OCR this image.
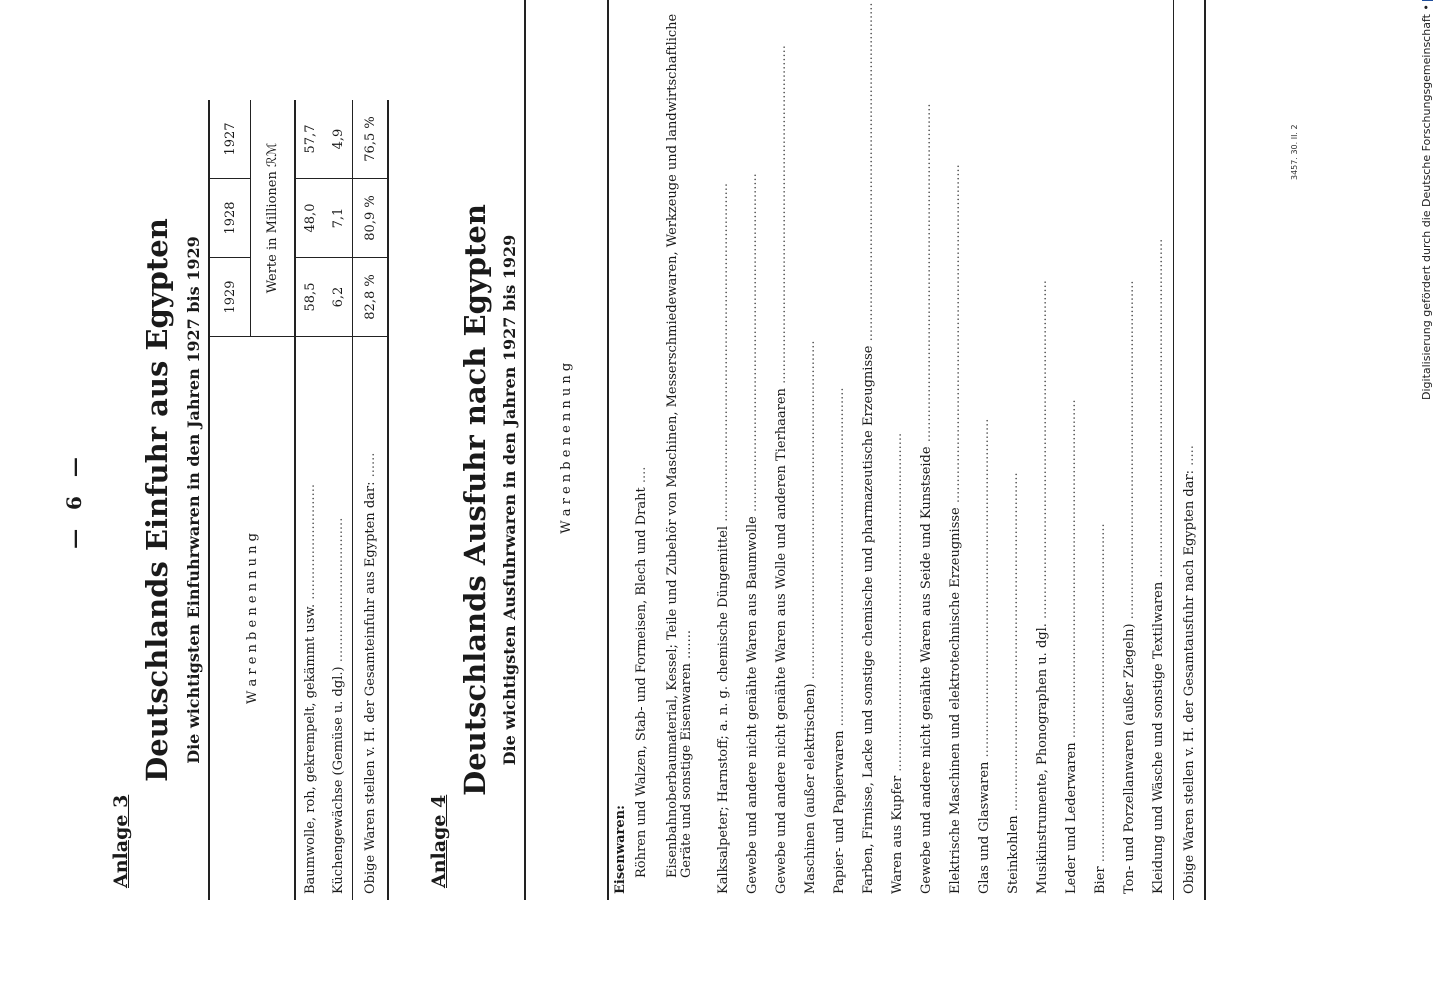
— 6 —
Anlage 3
Deutschlands Einfuhr aus Egypten Die wichtigsten Einfuhrwaren in den Jahren 1927 bis 1929	W a r e n b e n e n n u n g	1929	1928	1927
	Werte in Millionen ℛℳ		
Baumwolle, roh, gekrempelt, gekämmt usw. ............................	58,5	48,0	57,7
Küchengewächse (Gemüse u. dgl.) ...................................	6,2	7,1	4,9
Obige Waren stellen v. H. der Gesamteinfuhr aus Egypten dar: ......	82,8 %	80,9 %	76,5 %
Anlage 4
Deutschlands Ausfuhr nach Egypten Die wichtigsten Ausfuhrwaren in den Jahren 1927 bis 1929	W a r e n b e n e n n u n g			

Eisenwaren:			
Röhren und Walzen, Stab- und Formeisen, Blech und Draht ....			
Eisenbahnoberbaumaterial, Kessel; Teile und Zubehör von Maschinen, Messerschmiedewaren, Werkzeuge und landwirtschaftliche Geräte und sonstige Eisenwaren .......			
Kalksalpeter; Harnstoff; a. n. g. chemische Düngemittel ..................................................................................			
Gewebe und andere nicht genähte Waren aus Baumwolle ..................................................................................			
Gewebe und andere nicht genähte Waren aus Wolle und anderen Tierhaaren ..................................................................................			
Maschinen (außer elektrischen) ..................................................................................			
Papier- und Papierwaren ..................................................................................			
Farben, Firnisse, Lacke und sonstige chemische und pharmazeutische Erzeugnisse ..................................................................................			
Waren aus Kupfer ..................................................................................			
Gewebe und andere nicht genähte Waren aus Seide und Kunstseide ..................................................................................			
Elektrische Maschinen und elektrotechnische Erzeugnisse ..................................................................................			
Glas und Glaswaren ..................................................................................			
Steinkohlen ..................................................................................			
Musikinstrumente, Phonographen u. dgl. ..................................................................................			
Leder und Lederwaren ..................................................................................			
Bier ..................................................................................			
Ton- und Porzellanwaren (außer Ziegeln) ..................................................................................			
Kleidung und Wäsche und sonstige Textilwaren ..................................................................................			
Obige Waren stellen v. H. der Gesamtausfuhr nach Egypten dar: .....			
3457. 30. II. 2	Digitalisierung gefördert durch die Deutsche Forschungsgemeinschaft •
